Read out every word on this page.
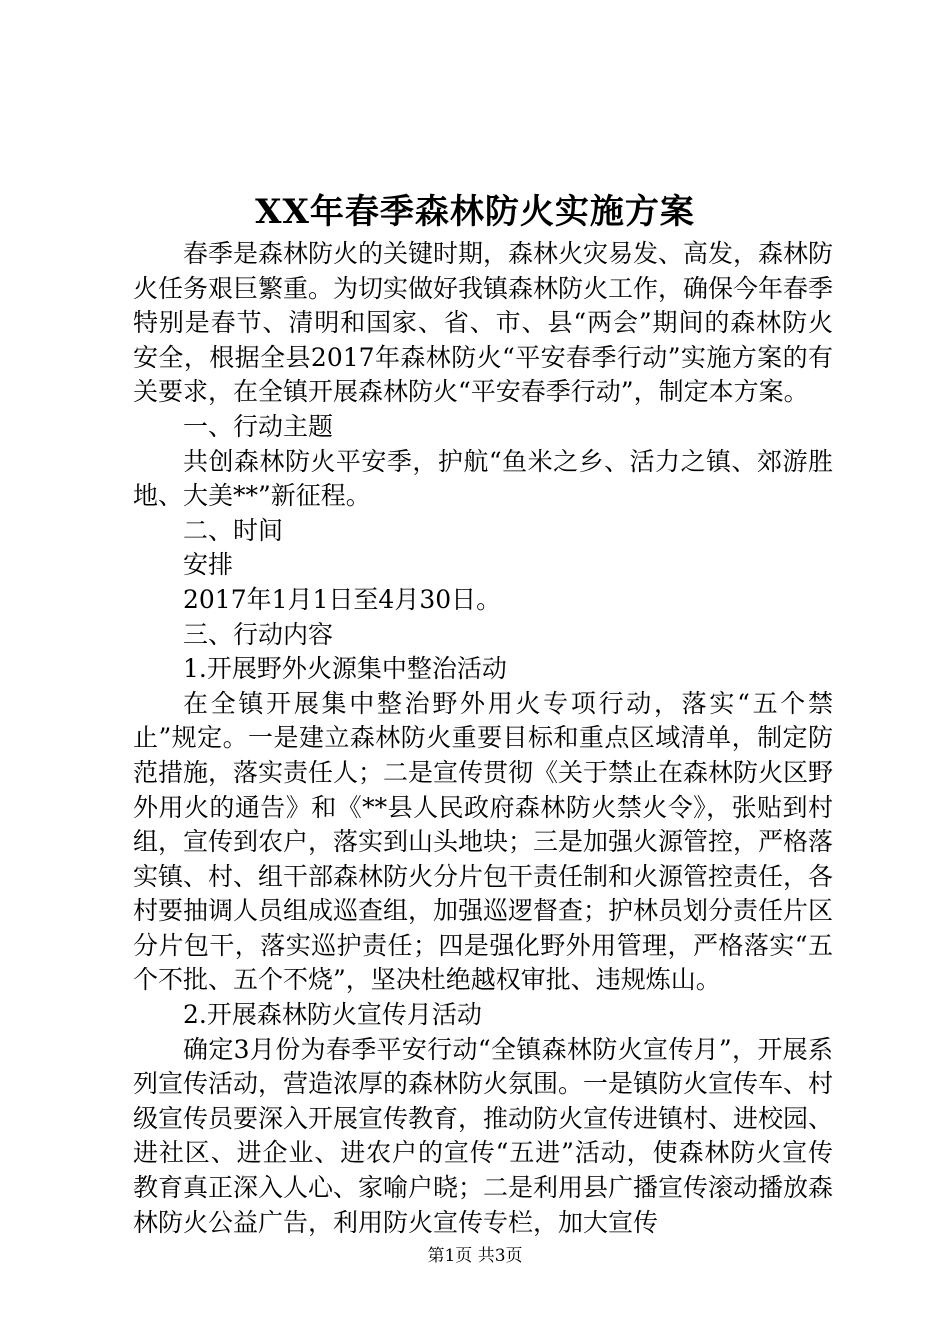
XX年春季森林防火实施方案

春季是森林防火的关键时期，森林火灾易发、高发，森林防火任务艰巨繁重。为切实做好我镇森林防火工作，确保今年春季特别是春节、清明和国家、省、市、县“两会”期间的森林防火安全，根据全县2017年森林防火“平安春季行动”实施方案的有关要求，在全镇开展森林防火“平安春季行动”，制定本方案。

一、行动主题

共创森林防火平安季，护航“鱼米之乡、活力之镇、郊游胜地、大美**”新征程。

二、时间

安排

2017年1月1日至4月30日。

三、行动内容

1.开展野外火源集中整治活动

在全镇开展集中整治野外用火专项行动，落实“五个禁止”规定。一是建立森林防火重要目标和重点区域清单，制定防范措施，落实责任人；二是宣传贯彻《关于禁止在森林防火区野外用火的通告》和《**县人民政府森林防火禁火令》，张贴到村组，宣传到农户，落实到山头地块；三是加强火源管控，严格落实镇、村、组干部森林防火分片包干责任制和火源管控责任，各村要抽调人员组成巡查组，加强巡逻督查；护林员划分责任片区分片包干，落实巡护责任；四是强化野外用管理，严格落实“五个不批、五个不烧”，坚决杜绝越权审批、违规炼山。

2.开展森林防火宣传月活动

确定3月份为春季平安行动“全镇森林防火宣传月”，开展系列宣传活动，营造浓厚的森林防火氛围。一是镇防火宣传车、村级宣传员要深入开展宣传教育，推动防火宣传进镇村、进校园、进社区、进企业、进农户的宣传“五进”活动，使森林防火宣传教育真正深入人心、家喻户晓；二是利用县广播宣传滚动播放森林防火公益广告，利用防火宣传专栏，加大宣传

第1页 共3页
